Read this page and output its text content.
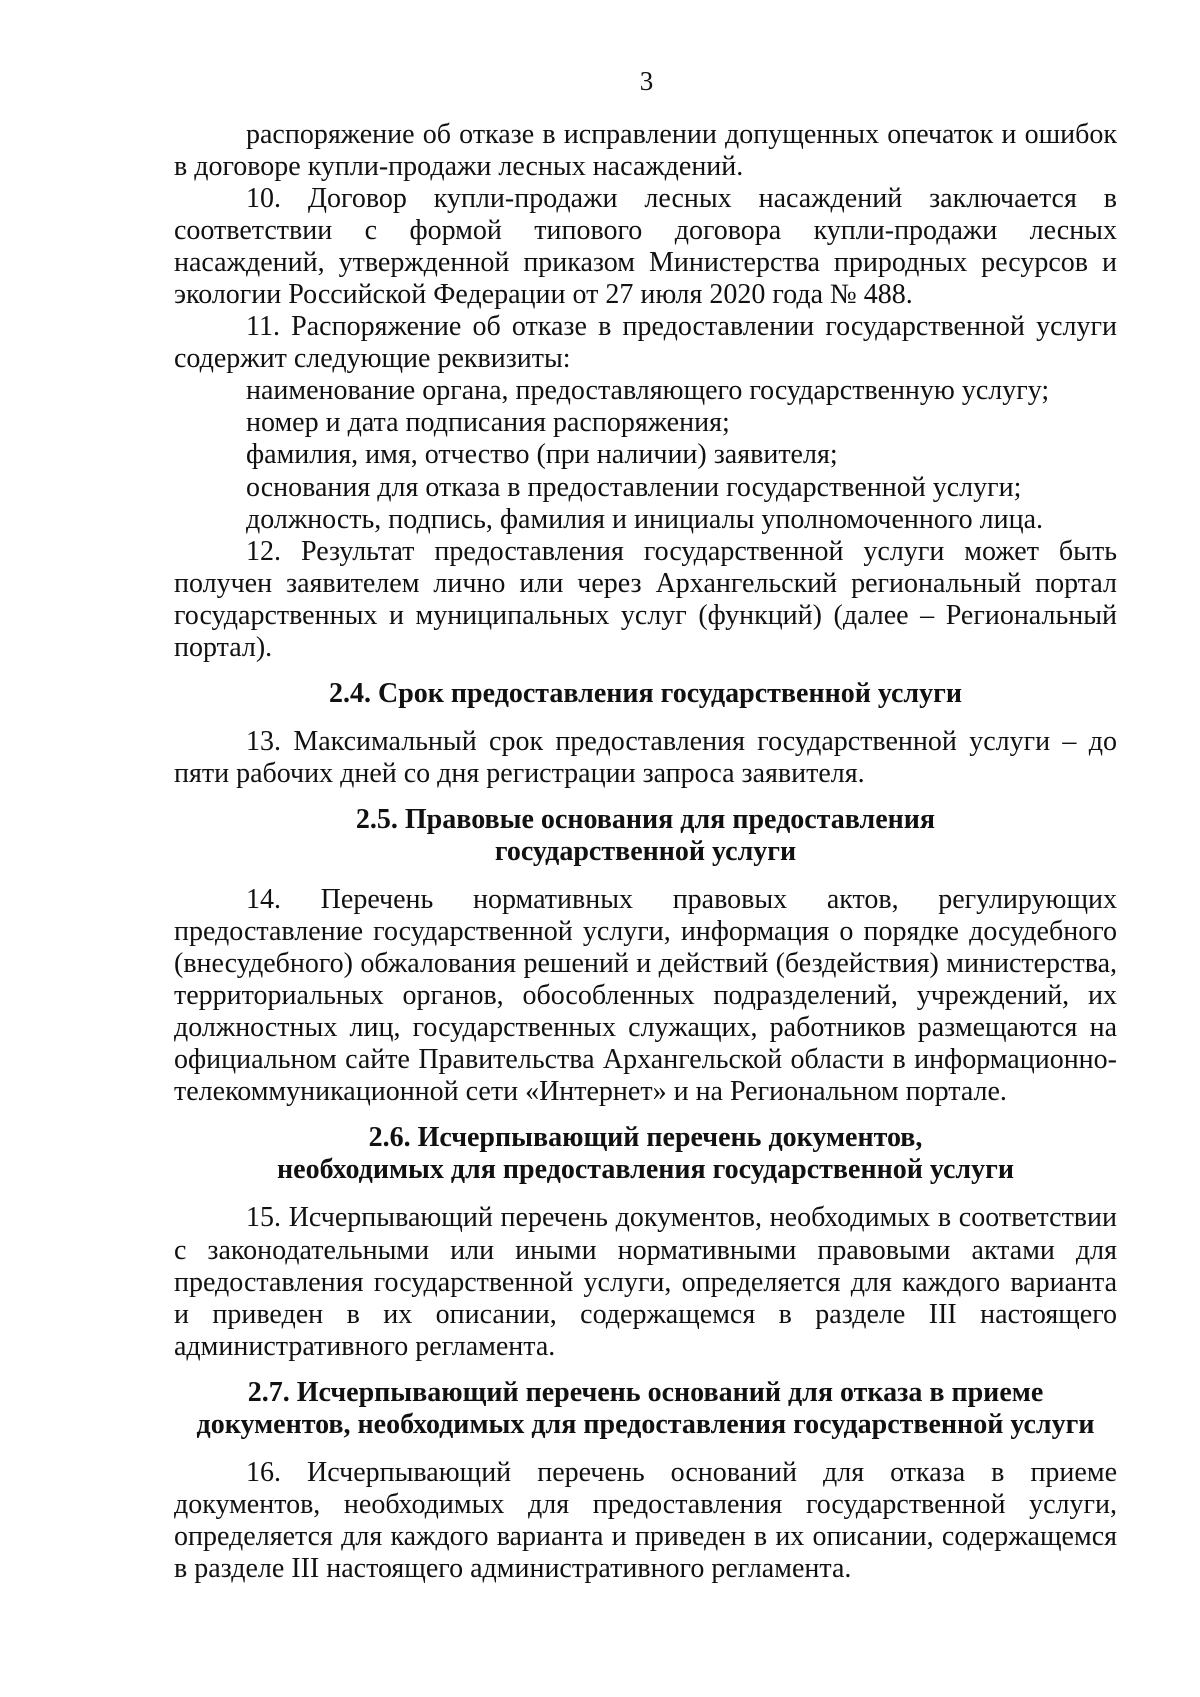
3

распоряжение об отказе в исправлении допущенных опечаток и ошибок в договоре купли-продажи лесных насаждений.

10. Договор купли-продажи лесных насаждений заключается в соответствии с формой типового договора купли-продажи лесных насаждений, утвержденной приказом Министерства природных ресурсов и экологии Российской Федерации от 27 июля 2020 года № 488.

11. Распоряжение об отказе в предоставлении государственной услуги содержит следующие реквизиты:

наименование органа, предоставляющего государственную услугу;

номер и дата подписания распоряжения;

фамилия, имя, отчество (при наличии) заявителя;

основания для отказа в предоставлении государственной услуги;

должность, подпись, фамилия и инициалы уполномоченного лица.

12. Результат предоставления государственной услуги может быть получен заявителем лично или через Архангельский региональный портал государственных и муниципальных услуг (функций) (далее – Региональный портал).

2.4. Срок предоставления государственной услуги

13. Максимальный срок предоставления государственной услуги – до пяти рабочих дней со дня регистрации запроса заявителя.

2.5. Правовые основания для предоставления
государственной услуги

14. Перечень нормативных правовых актов, регулирующих предоставление государственной услуги, информация о порядке досудебного (внесудебного) обжалования решений и действий (бездействия) министерства, территориальных органов, обособленных подразделений, учреждений, их должностных лиц, государственных служащих, работников размещаются на официальном сайте Правительства Архангельской области в информационно-телекоммуникационной сети «Интернет» и на Региональном портале.

2.6. Исчерпывающий перечень документов,
необходимых для предоставления государственной услуги

15. Исчерпывающий перечень документов, необходимых в соответствии с законодательными или иными нормативными правовыми актами для предоставления государственной услуги, определяется для каждого варианта и приведен в их описании, содержащемся в разделе III настоящего административного регламента.

2.7. Исчерпывающий перечень оснований для отказа в приеме
документов, необходимых для предоставления государственной услуги

16. Исчерпывающий перечень оснований для отказа в приеме документов, необходимых для предоставления государственной услуги, определяется для каждого варианта и приведен в их описании, содержащемся в разделе III настоящего административного регламента.
